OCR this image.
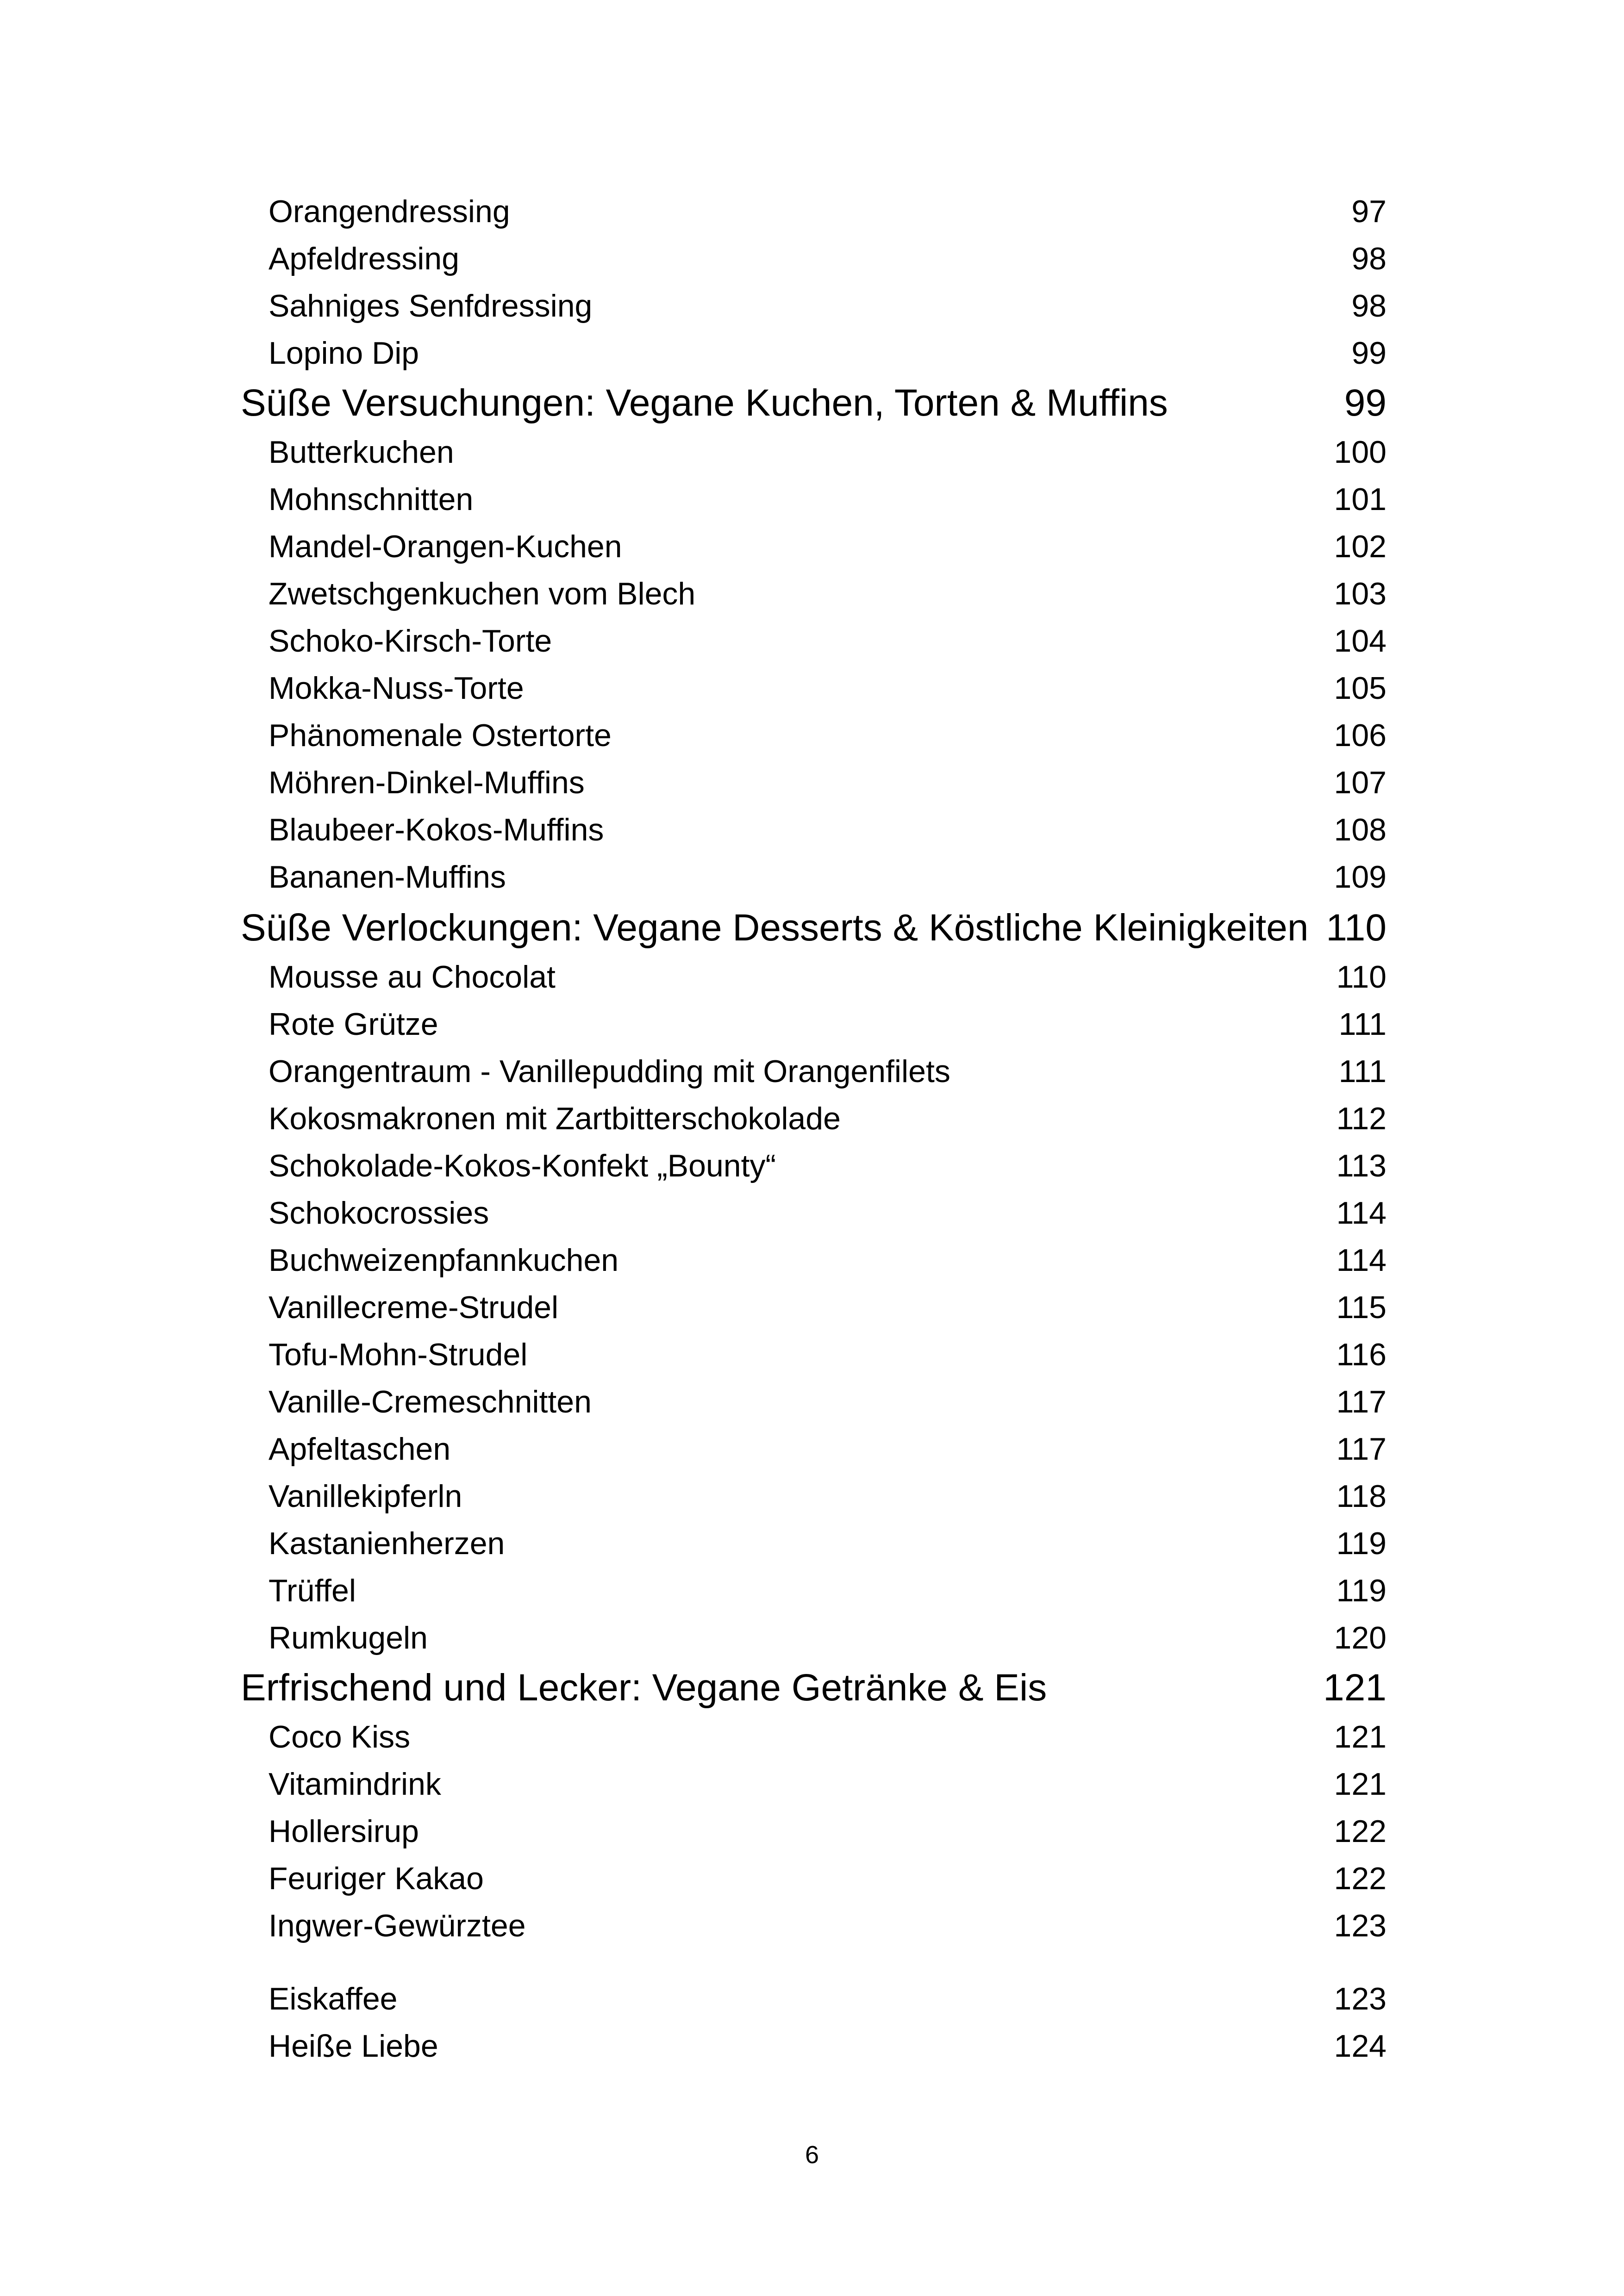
Orangendressing	97
Apfeldressing	98
Sahniges Senfdressing	98
Lopino Dip	99
Süße Versuchungen: Vegane Kuchen, Torten & Muffins	99
Butterkuchen	100
Mohnschnitten	101
Mandel-Orangen-Kuchen	102
Zwetschgenkuchen vom Blech	103
Schoko-Kirsch-Torte	104
Mokka-Nuss-Torte	105
Phänomenale Ostertorte	106
Möhren-Dinkel-Muffins	107
Blaubeer-Kokos-Muffins	108
Bananen-Muffins	109
Süße Verlockungen: Vegane Desserts & Köstliche Kleinigkeiten 110
Mousse au Chocolat	110
Rote Grütze	111
Orangentraum - Vanillepudding mit Orangenfilets	111
Kokosmakronen mit Zartbitterschokolade	112
Schokolade-Kokos-Konfekt „Bounty“	113
Schokocrossies	114
Buchweizenpfannkuchen	114
Vanillecreme-Strudel	115
Tofu-Mohn-Strudel	116
Vanille-Cremeschnitten	117
Apfeltaschen	117
Vanillekipferln	118
Kastanienherzen	119
Trüffel	119
Rumkugeln	120
Erfrischend und Lecker: Vegane Getränke & Eis	121
Coco Kiss	121
Vitamindrink	121
Hollersirup	122
Feuriger Kakao	122
Ingwer-Gewürztee	123
Eiskaffee	123
Heiße Liebe	124
6
